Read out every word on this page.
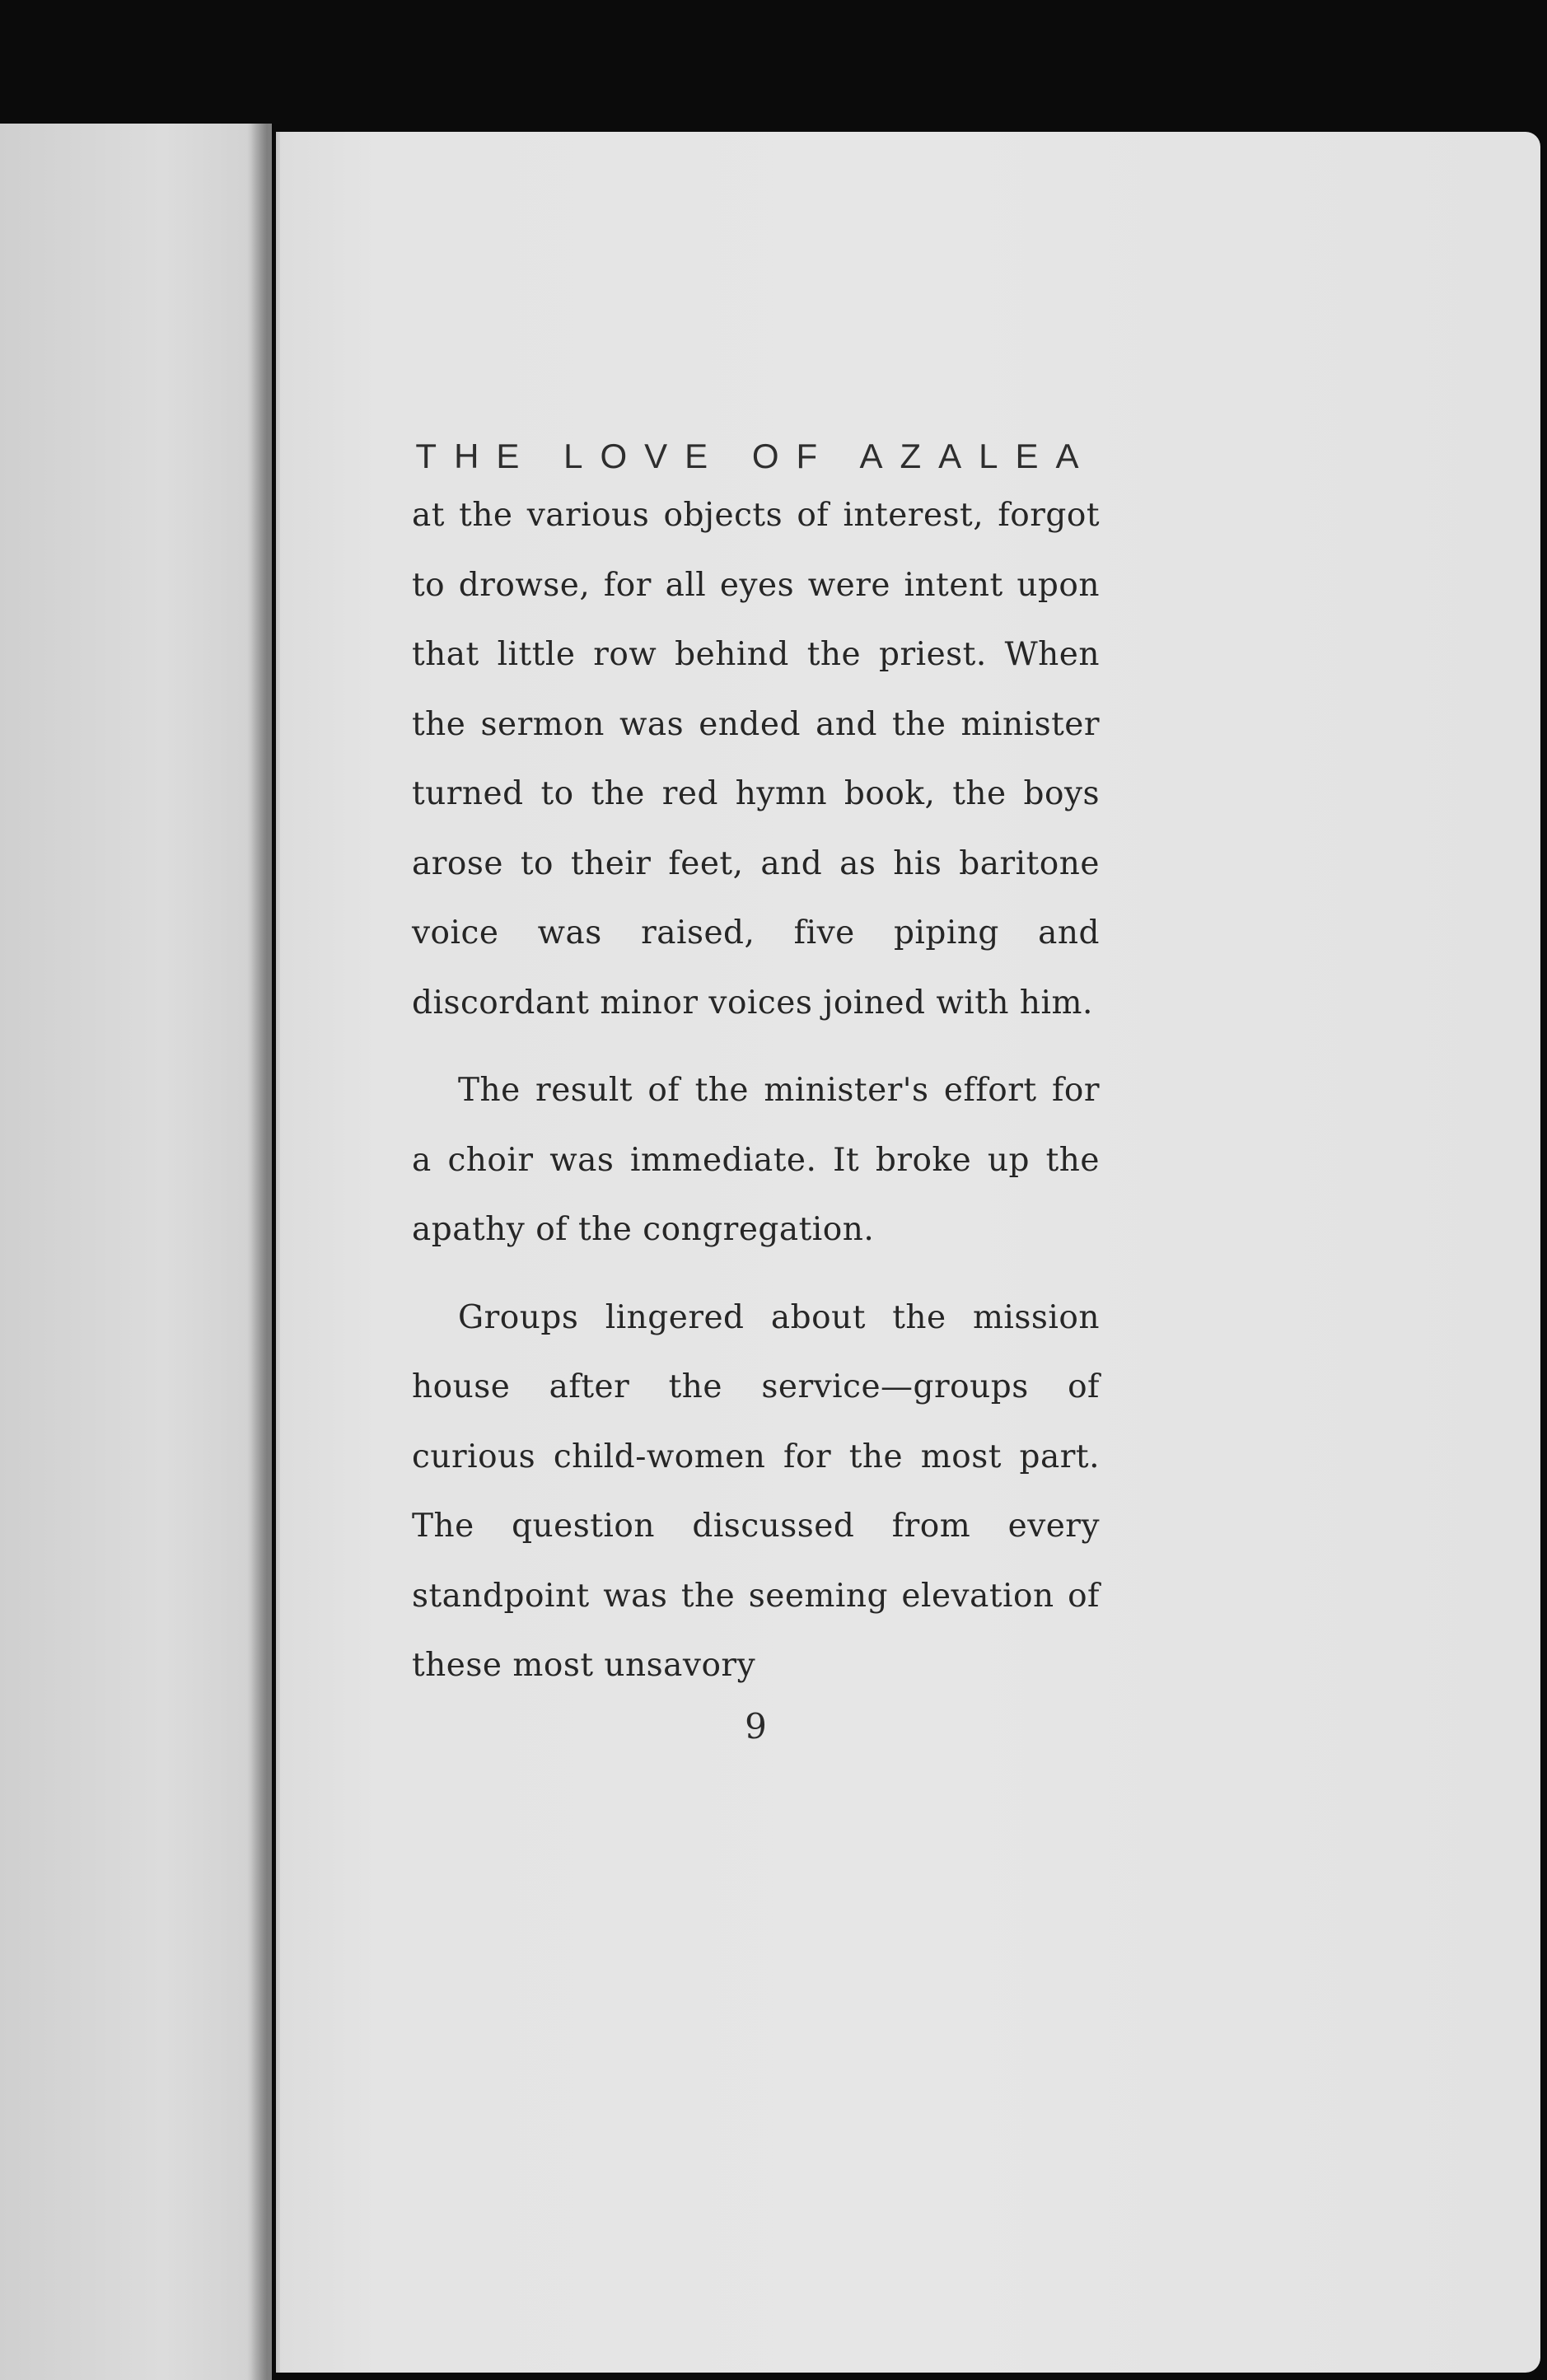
THE LOVE OF AZALEA

at the various objects of interest, forgot to drowse, for all eyes were intent upon that little row behind the priest. When the sermon was ended and the minister turned to the red hymn book, the boys arose to their feet, and as his baritone voice was raised, five piping and discordant minor voices joined with him.

The result of the minister's effort for a choir was immediate. It broke up the apathy of the congregation.

Groups lingered about the mission house after the service—groups of curious child-women for the most part. The question discussed from every standpoint was the seeming elevation of these most unsavory

9
